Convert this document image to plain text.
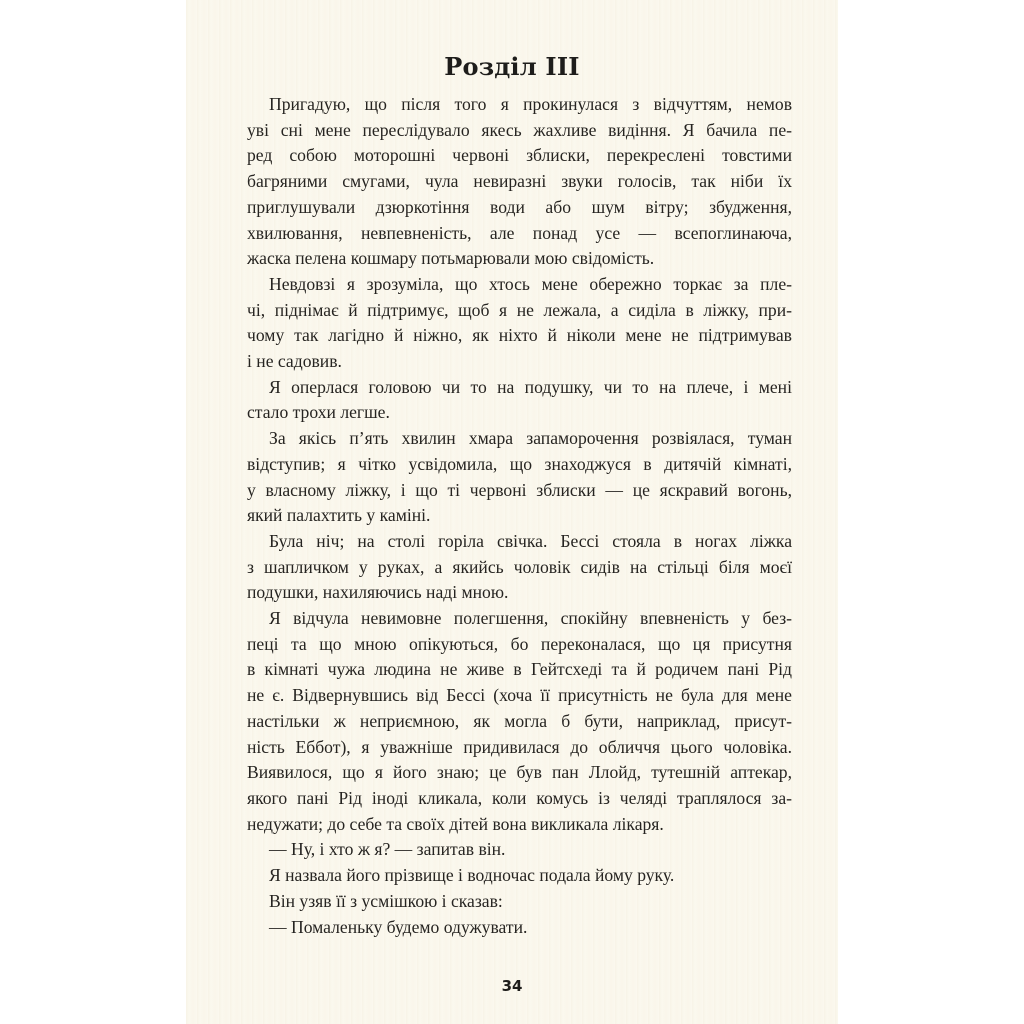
Розділ III
Пригадую, що після того я прокинулася з відчуттям, немов
уві сні мене переслідувало якесь жахливе видіння. Я бачила пе-
ред собою моторошні червоні зблиски, перекреслені товстими
багряними смугами, чула невиразні звуки голосів, так ніби їх
приглушували дзюркотіння води або шум вітру; збудження,
хвилювання, невпевненість, але понад усе — всепоглинаюча,
жаска пелена кошмару потьмарювали мою свідомість.
Невдовзі я зрозуміла, що хтось мене обережно торкає за пле-
чі, піднімає й підтримує, щоб я не лежала, а сиділа в ліжку, при-
чому так лагідно й ніжно, як ніхто й ніколи мене не підтримував
і не садовив.
Я оперлася головою чи то на подушку, чи то на плече, і мені
стало трохи легше.
За якісь п’ять хвилин хмара запаморочення розвіялася, туман
відступив; я чітко усвідомила, що знаходжуся в дитячій кімнаті,
у власному ліжку, і що ті червоні зблиски — це яскравий вогонь,
який палахтить у каміні.
Була ніч; на столі горіла свічка. Бессі стояла в ногах ліжка
з шапличком у руках, а якийсь чоловік сидів на стільці біля моєї
подушки, нахиляючись наді мною.
Я відчула невимовне полегшення, спокійну впевненість у без-
пеці та що мною опікуються, бо переконалася, що ця присутня
в кімнаті чужа людина не живе в Гейтсхеді та й родичем пані Рід
не є. Відвернувшись від Бессі (хоча її присутність не була для мене
настільки ж неприємною, як могла б бути, наприклад, присут-
ність Еббот), я уважніше придивилася до обличчя цього чоловіка.
Виявилося, що я його знаю; це був пан Ллойд, тутешній аптекар,
якого пані Рід іноді кликала, коли комусь із челяді траплялося за-
недужати; до себе та своїх дітей вона викликала лікаря.
— Ну, і хто ж я? — запитав він.
Я назвала його прізвище і водночас подала йому руку.
Він узяв її з усмішкою і сказав:
— Помаленьку будемо одужувати.
34
